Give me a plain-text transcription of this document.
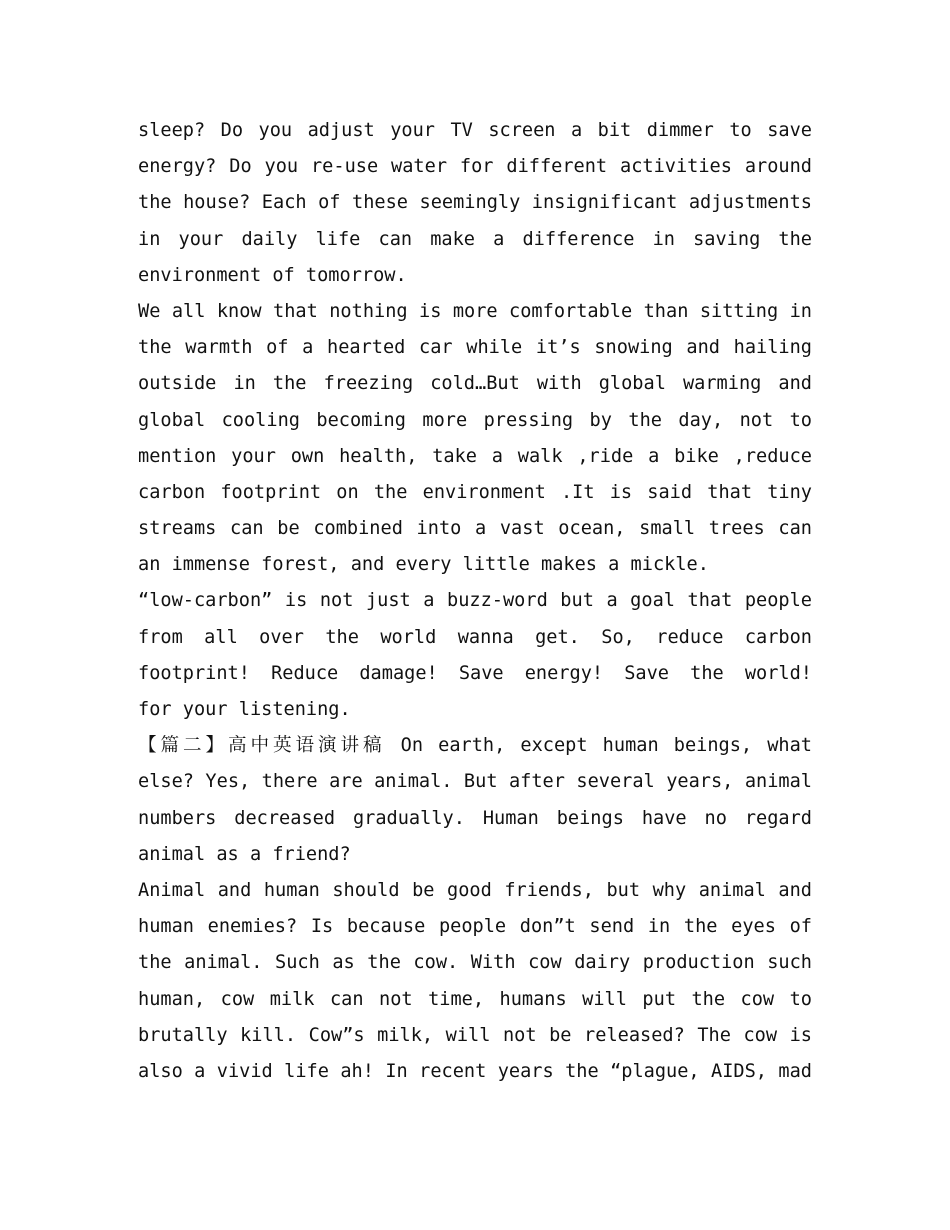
sleep? Do you adjust your TV screen a bit dimmer to save
energy? Do you re-use water for different activities around
the house? Each of these seemingly insignificant adjustments
in your daily life can make a difference in saving the
environment of tomorrow.
We all know that nothing is more comfortable than sitting in
the warmth of a hearted car while it’s snowing and hailing
outside in the freezing cold…But with global warming and
global cooling becoming more pressing by the day, not to
mention your own health, take a walk ,ride a bike ,reduce
carbon footprint on the environment .It is said that tiny
streams can be combined into a vast ocean, small trees can
an immense forest, and every little makes a mickle.
“low-carbon” is not just a buzz-word but a goal that people
from all over the world wanna get. So, reduce carbon
footprint! Reduce damage! Save energy! Save the world!
for your listening.
【篇二】高中英语演讲稿 On earth, except human beings, what
else? Yes, there are animal. But after several years, animal
numbers decreased gradually. Human beings have no regard
animal as a friend?
Animal and human should be good friends, but why animal and
human enemies? Is because people don”t send in the eyes of
the animal. Such as the cow. With cow dairy production such
human, cow milk can not time, humans will put the cow to
brutally kill. Cow”s milk, will not be released? The cow is
also a vivid life ah! In recent years the “plague, AIDS, mad
